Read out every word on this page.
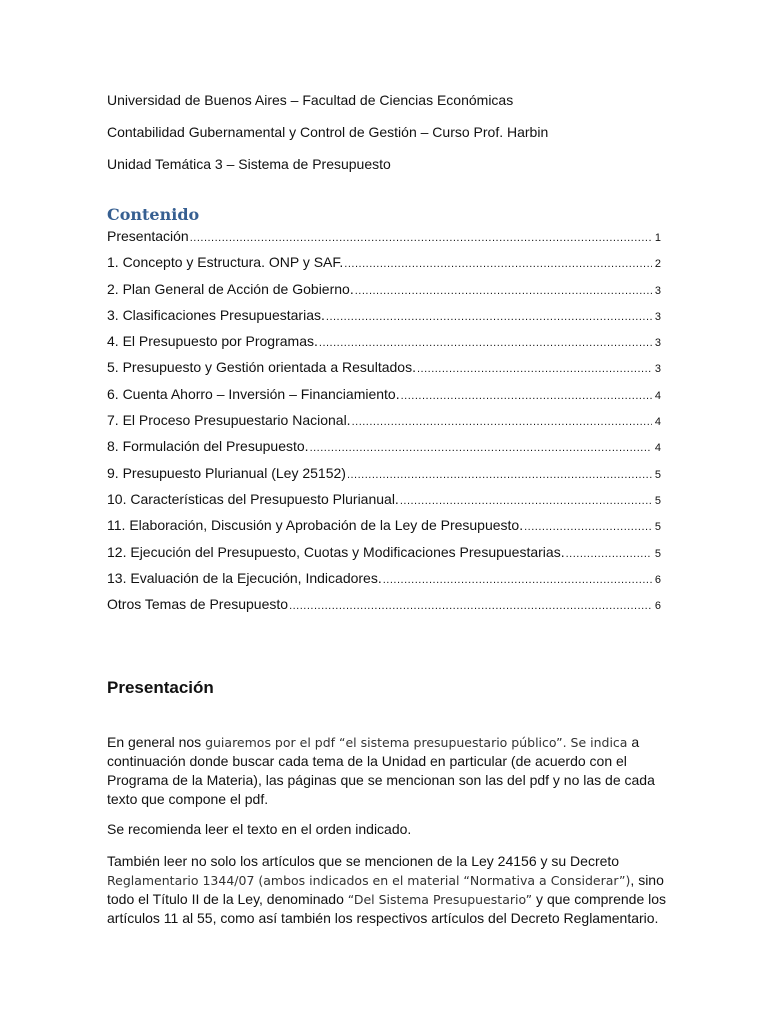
Universidad de Buenos Aires – Facultad de Ciencias Económicas
Contabilidad Gubernamental y Control de Gestión – Curso Prof. Harbin
Unidad Temática 3 – Sistema de Presupuesto
Contenido
Presentación .....	1
1. Concepto y Estructura. ONP y SAF. .....	2
2. Plan General de Acción de Gobierno. .....	3
3. Clasificaciones Presupuestarias. .....	3
4. El Presupuesto por Programas. .....	3
5. Presupuesto y Gestión orientada a Resultados. .....	3
6. Cuenta Ahorro – Inversión – Financiamiento. .....	4
7. El Proceso Presupuestario Nacional. .....	4
8. Formulación del Presupuesto. .....	4
9. Presupuesto Plurianual (Ley 25152) .....	5
10. Características del Presupuesto Plurianual. .....	5
11. Elaboración, Discusión y Aprobación de la Ley de Presupuesto. .....	5
12. Ejecución del Presupuesto, Cuotas y Modificaciones Presupuestarias. .....	5
13. Evaluación de la Ejecución, Indicadores. .....	6
Otros Temas de Presupuesto .....	6
Presentación

En general nos guiaremos por el pdf “el sistema presupuestario público”. Se indica a continuación donde buscar cada tema de la Unidad en particular (de acuerdo con el Programa de la Materia), las páginas que se mencionan son las del pdf y no las de cada texto que compone el pdf.

Se recomienda leer el texto en el orden indicado.

También leer no solo los artículos que se mencionen de la Ley 24156 y su Decreto Reglamentario 1344/07 (ambos indicados en el material “Normativa a Considerar”), sino todo el Título II de la Ley, denominado “Del Sistema Presupuestario” y que comprende los artículos 11 al 55, como así también los respectivos artículos del Decreto Reglamentario.
